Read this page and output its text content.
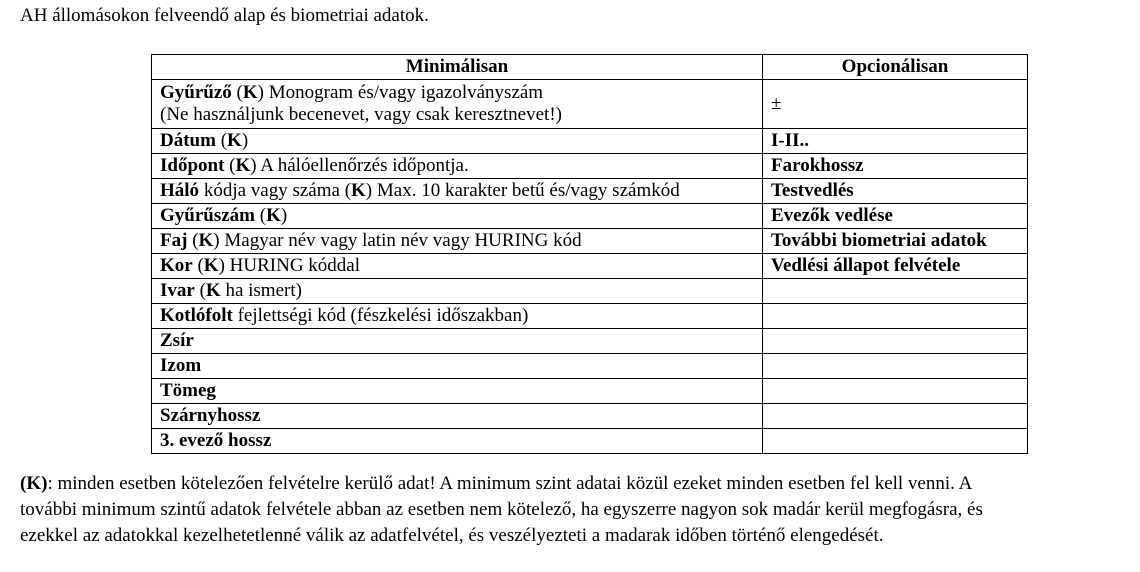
AH állomásokon felveendő alap és biometriai adatok.
Minimálisan	Opcionálisan

Gyűrűző (K) Monogram és/vagy igazolványszám
(Ne használjunk becenevet, vagy csak keresztnevet!)	±
Dátum (K)	I-II..
Időpont (K) A hálóellenőrzés időpontja.	Farokhossz
Háló kódja vagy száma (K) Max. 10 karakter betű és/vagy számkód	Testvedlés
Gyűrűszám (K)	Evezők vedlése
Faj (K) Magyar név vagy latin név vagy HURING kód	További biometriai adatok
Kor (K) HURING kóddal	Vedlési állapot felvétele
Ivar (K ha ismert)	
Kotlófolt fejlettségi kód (fészkelési időszakban)	
Zsír	
Izom	
Tömeg	
Szárnyhossz	
3. evező hossz	
(K): minden esetben kötelezően felvételre kerülő adat! A minimum szint adatai közül ezeket minden esetben fel kell venni. A
további minimum szintű adatok felvétele abban az esetben nem kötelező, ha egyszerre nagyon sok madár kerül megfogásra, és
ezekkel az adatokkal kezelhetetlenné válik az adatfelvétel, és veszélyezteti a madarak időben történő elengedését.
